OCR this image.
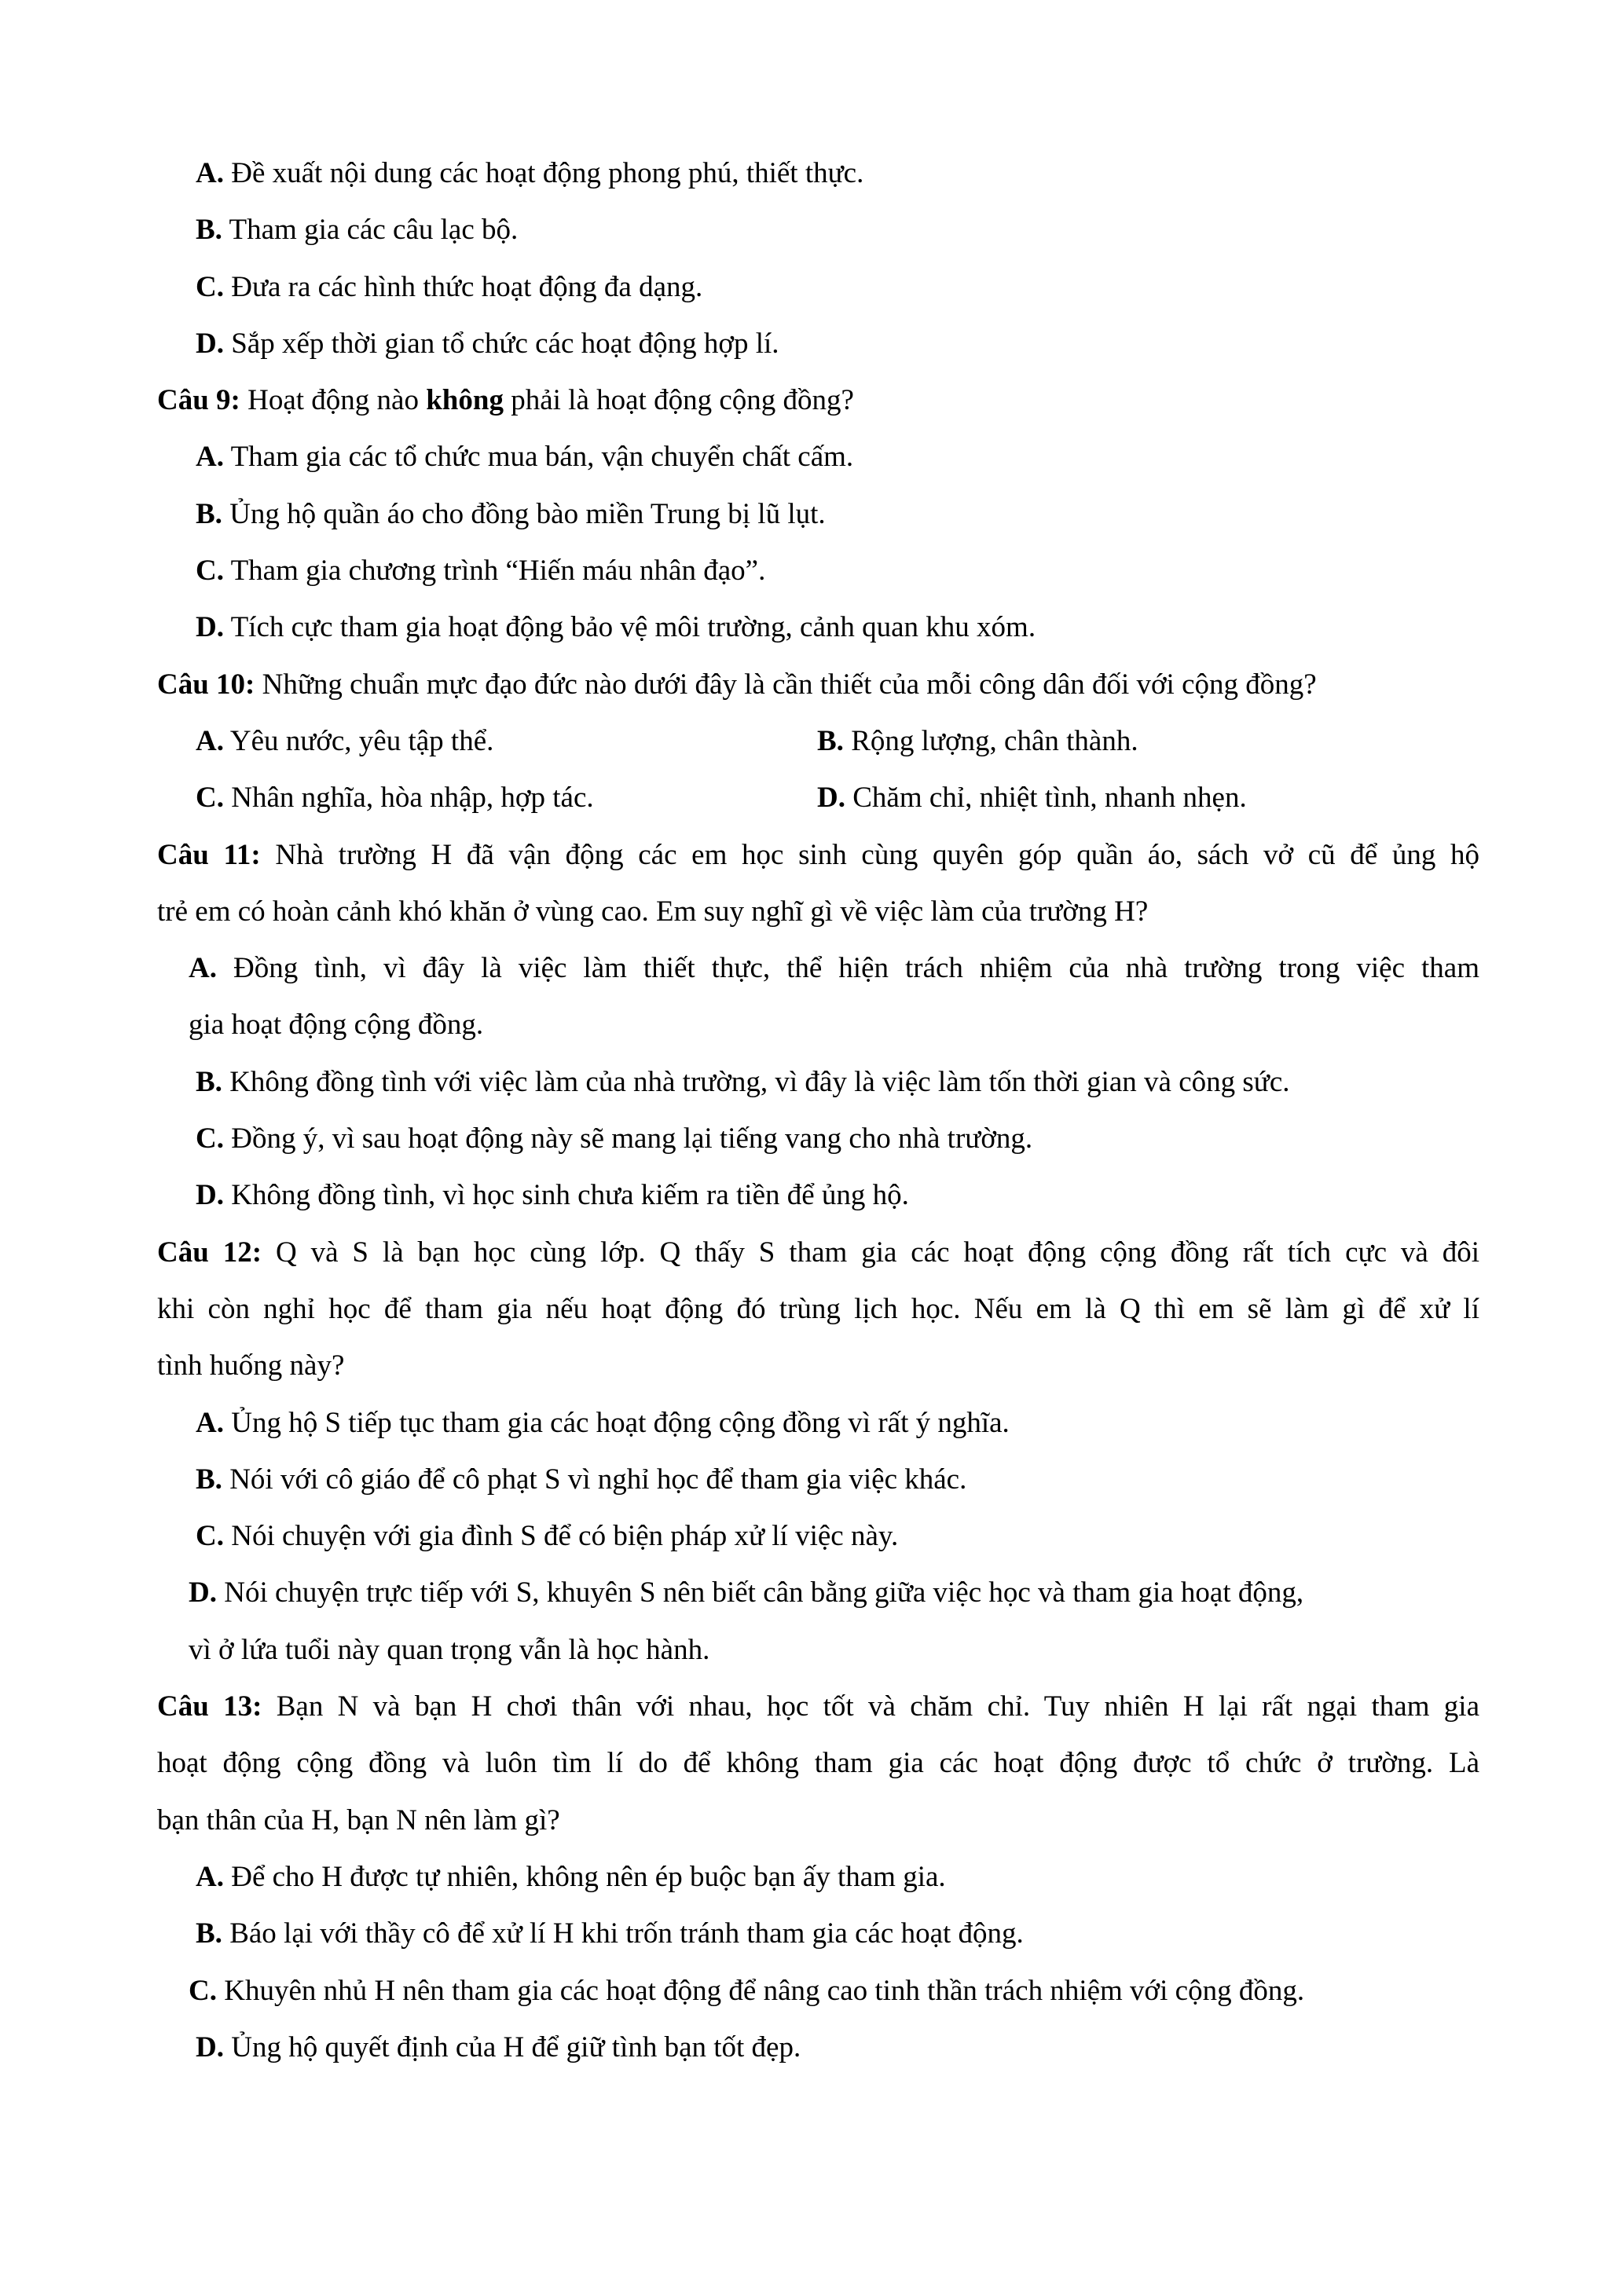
A. Đề xuất nội dung các hoạt động phong phú, thiết thực.
B. Tham gia các câu lạc bộ.
C. Đưa ra các hình thức hoạt động đa dạng.
D. Sắp xếp thời gian tổ chức các hoạt động hợp lí.
Câu 9: Hoạt động nào không phải là hoạt động cộng đồng?
A. Tham gia các tổ chức mua bán, vận chuyển chất cấm.
B. Ủng hộ quần áo cho đồng bào miền Trung bị lũ lụt.
C. Tham gia chương trình “Hiến máu nhân đạo”.
D. Tích cực tham gia hoạt động bảo vệ môi trường, cảnh quan khu xóm.
Câu 10: Những chuẩn mực đạo đức nào dưới đây là cần thiết của mỗi công dân đối với cộng đồng?
A. Yêu nước, yêu tập thể.	B. Rộng lượng, chân thành.
C. Nhân nghĩa, hòa nhập, hợp tác.	D. Chăm chỉ, nhiệt tình, nhanh nhẹn.
Câu 11: Nhà trường H đã vận động các em học sinh cùng quyên góp quần áo, sách vở cũ để ủng hộ
trẻ em có hoàn cảnh khó khăn ở vùng cao. Em suy nghĩ gì về việc làm của trường H?
A. Đồng tình, vì đây là việc làm thiết thực, thể hiện trách nhiệm của nhà trường trong việc tham
gia hoạt động cộng đồng.
B. Không đồng tình với việc làm của nhà trường, vì đây là việc làm tốn thời gian và công sức.
C. Đồng ý, vì sau hoạt động này sẽ mang lại tiếng vang cho nhà trường.
D. Không đồng tình, vì học sinh chưa kiếm ra tiền để ủng hộ.
Câu 12: Q và S là bạn học cùng lớp. Q thấy S tham gia các hoạt động cộng đồng rất tích cực và đôi
khi còn nghỉ học để tham gia nếu hoạt động đó trùng lịch học. Nếu em là Q thì em sẽ làm gì để xử lí
tình huống này?
A. Ủng hộ S tiếp tục tham gia các hoạt động cộng đồng vì rất ý nghĩa.
B. Nói với cô giáo để cô phạt S vì nghỉ học để tham gia việc khác.
C. Nói chuyện với gia đình S để có biện pháp xử lí việc này.
D. Nói chuyện trực tiếp với S, khuyên S nên biết cân bằng giữa việc học và tham gia hoạt động,
vì ở lứa tuổi này quan trọng vẫn là học hành.
Câu 13: Bạn N và bạn H chơi thân với nhau, học tốt và chăm chỉ. Tuy nhiên H lại rất ngại tham gia
hoạt động cộng đồng và luôn tìm lí do để không tham gia các hoạt động được tổ chức ở trường. Là
bạn thân của H, bạn N nên làm gì?
A. Để cho H được tự nhiên, không nên ép buộc bạn ấy tham gia.
B. Báo lại với thầy cô để xử lí H khi trốn tránh tham gia các hoạt động.
C. Khuyên nhủ H nên tham gia các hoạt động để nâng cao tinh thần trách nhiệm với cộng đồng.
D. Ủng hộ quyết định của H để giữ tình bạn tốt đẹp.
